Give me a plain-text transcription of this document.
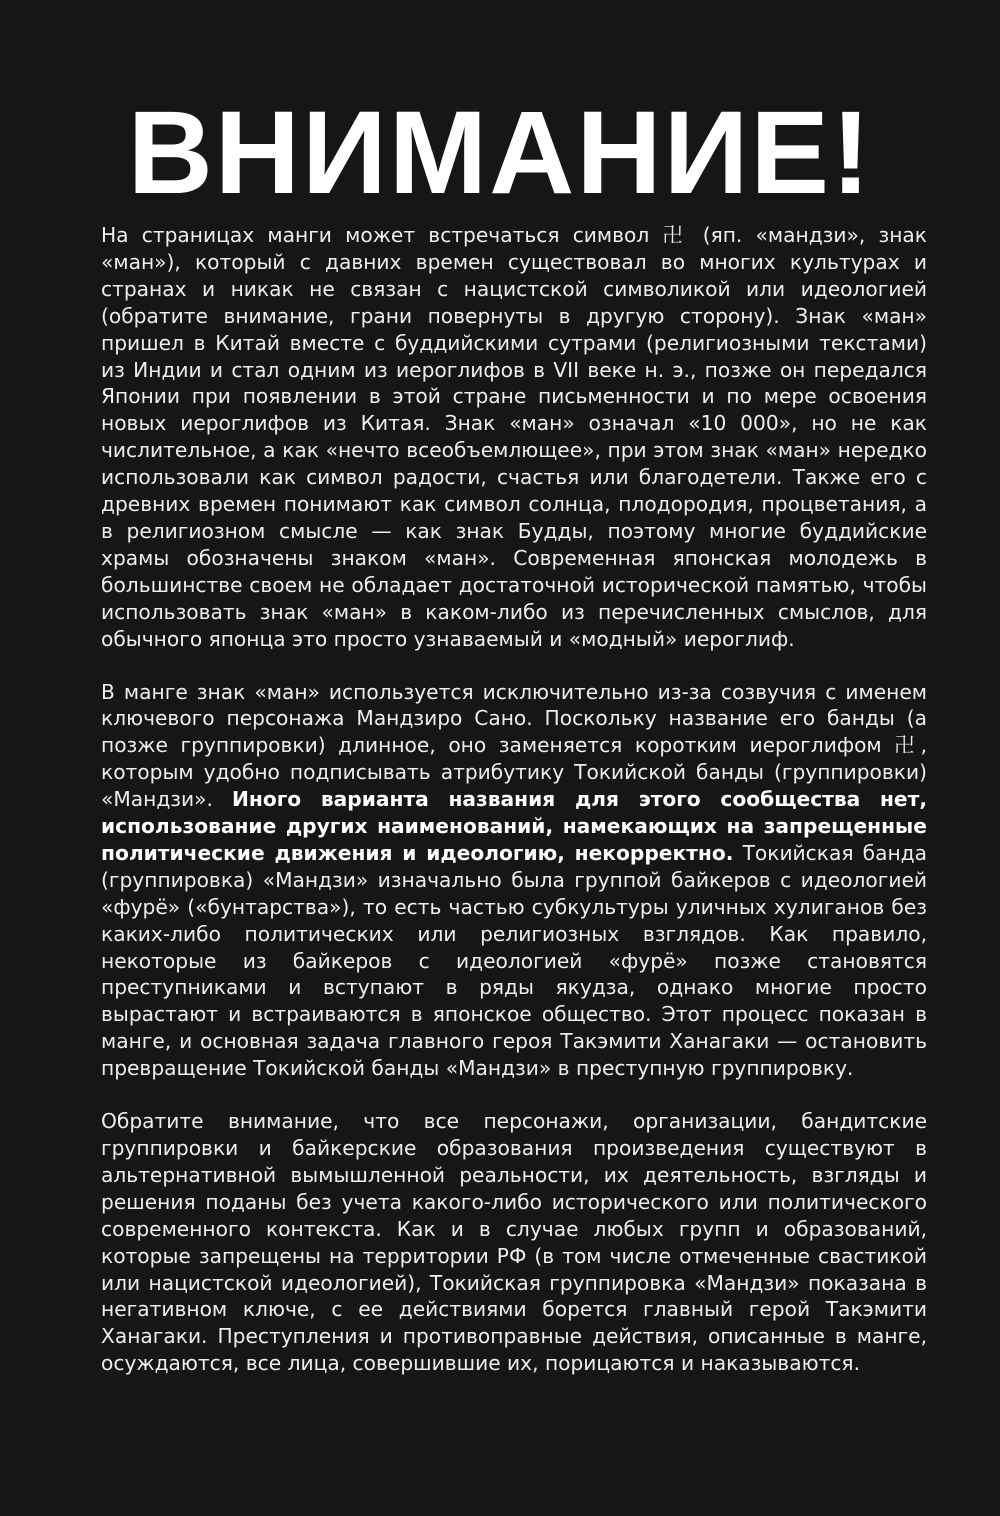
ВНИМАНИЕ!

На страницах манги может встречаться символ 卍 (яп. «мандзи», знак «ман»), который с давних времен существовал во многих культурах и странах и никак не связан с нацистской символикой или идеологией (обратите внимание, грани повернуты в другую сторону). Знак «ман» пришел в Китай вместе с буддийскими сутрами (религиозными текстами) из Индии и стал одним из иероглифов в VII веке н. э., позже он передался Японии при появлении в этой стране письменности и по мере освоения новых иероглифов из Китая. Знак «ман» означал «10 000», но не как числительное, а как «нечто всеобъемлющее», при этом знак «ман» нередко использовали как символ радости, счастья или благодетели. Также его с древних времен понимают как символ солнца, плодородия, процветания, а в религиозном смысле — как знак Будды, поэтому многие буддийские храмы обозначены знаком «ман». Современная японская молодежь в большинстве своем не обладает достаточной исторической памятью, чтобы использовать знак «ман» в каком-либо из перечисленных смыслов, для обычного японца это просто узнаваемый и «модный» иероглиф.

В манге знак «ман» используется исключительно из-за созвучия с именем ключевого персонажа Мандзиро Сано. Поскольку название его банды (а позже группировки) длинное, оно заменяется коротким иероглифом 卍, которым удобно подписывать атрибутику Токийской банды (группировки) «Мандзи». Иного варианта названия для этого сообщества нет, использование других наименований, намекающих на запрещенные политические движения и идеологию, некорректно. Токийская банда (группировка) «Мандзи» изначально была группой байкеров с идеологией «фурё» («бунтарства»), то есть частью субкультуры уличных хулиганов без каких-либо политических или религиозных взглядов. Как правило, некоторые из байкеров с идеологией «фурё» позже становятся преступниками и вступают в ряды якудза, однако многие просто вырастают и встраиваются в японское общество. Этот процесс показан в манге, и основная задача главного героя Такэмити Ханагаки — остановить превращение Токийской банды «Мандзи» в преступную группировку.

Обратите внимание, что все персонажи, организации, бандитские группировки и байкерские образования произведения существуют в альтернативной вымышленной реальности, их деятельность, взгляды и решения поданы без учета какого-либо исторического или политического современного контекста. Как и в случае любых групп и образований, которые запрещены на территории РФ (в том числе отмеченные свастикой или нацистской идеологией), Токийская группировка «Мандзи» показана в негативном ключе, с ее действиями борется главный герой Такэмити Ханагаки. Преступления и противоправные действия, описанные в манге, осуждаются, все лица, совершившие их, порицаются и наказываются.
